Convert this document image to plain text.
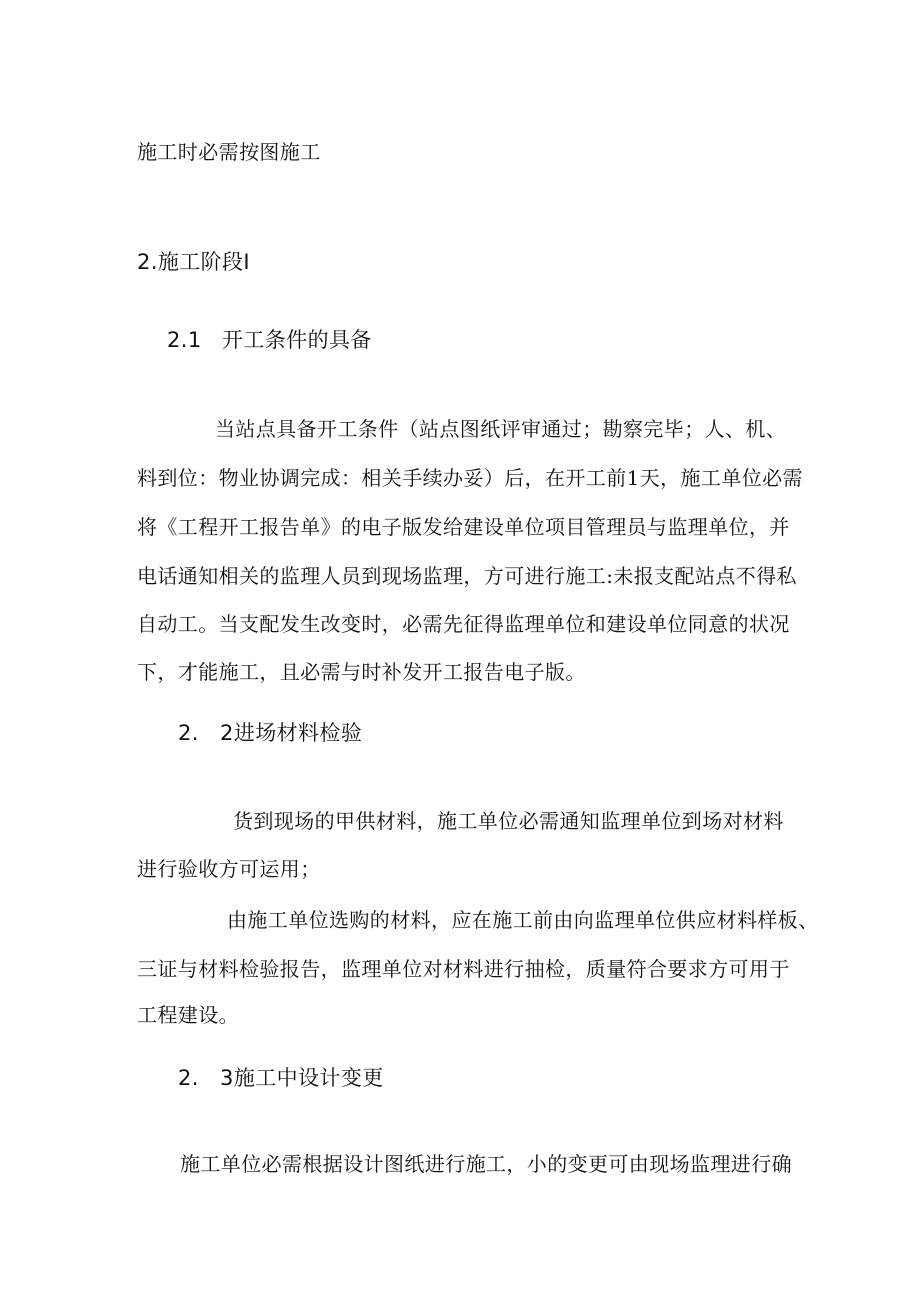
施工时必需按图施工
2.施工阶段I
2.1 开工条件的具备
当站点具备开工条件（站点图纸评审通过；勘察完毕；人、机、
料到位：物业协调完成：相关手续办妥）后，在开工前1天，施工单位必需
将《工程开工报告单》的电子版发给建设单位项目管理员与监理单位，并
电话通知相关的监理人员到现场监理，方可进行施工:未报支配站点不得私
自动工。当支配发生改变时，必需先征得监理单位和建设单位同意的状况
下，才能施工，且必需与时补发开工报告电子版。
2.   2进场材料检验
货到现场的甲供材料，施工单位必需通知监理单位到场对材料
进行验收方可运用；
由施工单位选购的材料，应在施工前由向监理单位供应材料样板、
三证与材料检验报告，监理单位对材料进行抽检，质量符合要求方可用于
工程建设。
2.   3施工中设计变更
施工单位必需根据设计图纸进行施工，小的变更可由现场监理进行确
